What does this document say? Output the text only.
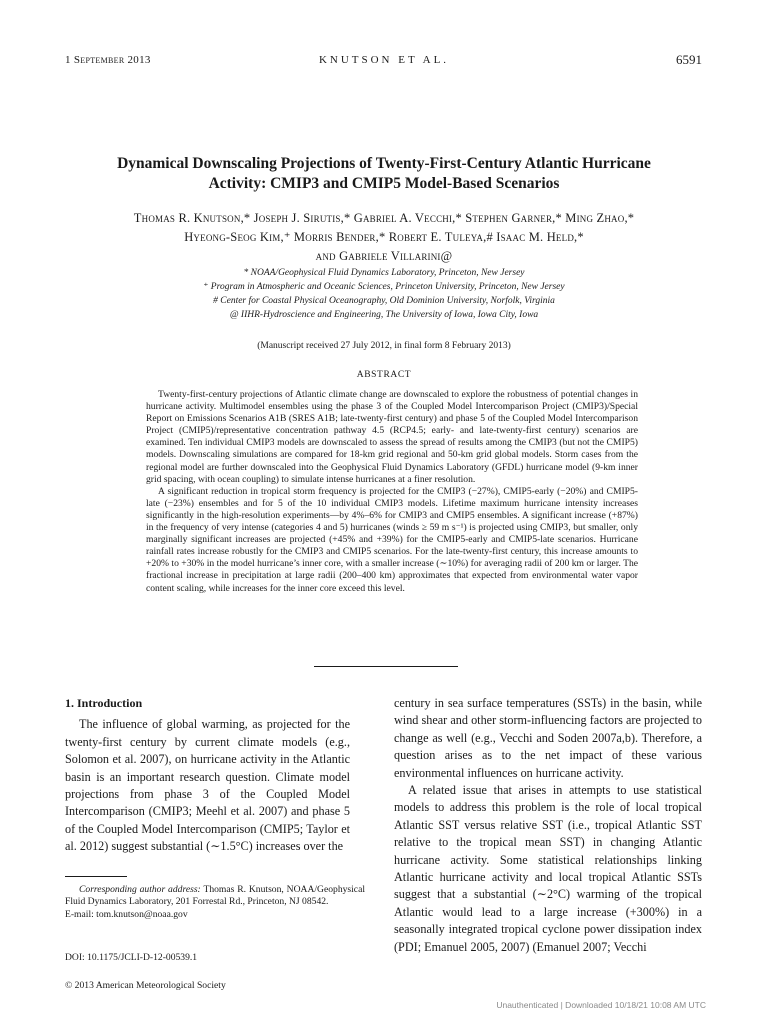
1 September 2013	KNUTSON ET AL.	6591
Dynamical Downscaling Projections of Twenty-First-Century Atlantic Hurricane
Activity: CMIP3 and CMIP5 Model-Based Scenarios
Thomas R. Knutson,* Joseph J. Sirutis,* Gabriel A. Vecchi,* Stephen Garner,* Ming Zhao,*
Hyeong-Seog Kim,⁺ Morris Bender,* Robert E. Tuleya,# Isaac M. Held,*
and Gabriele Villarini@
* NOAA/Geophysical Fluid Dynamics Laboratory, Princeton, New Jersey
⁺ Program in Atmospheric and Oceanic Sciences, Princeton University, Princeton, New Jersey
# Center for Coastal Physical Oceanography, Old Dominion University, Norfolk, Virginia
@ IIHR-Hydroscience and Engineering, The University of Iowa, Iowa City, Iowa
(Manuscript received 27 July 2012, in final form 8 February 2013)
ABSTRACT

Twenty-first-century projections of Atlantic climate change are downscaled to explore the robustness of potential changes in hurricane activity. Multimodel ensembles using the phase 3 of the Coupled Model Intercomparison Project (CMIP3)/Special Report on Emissions Scenarios A1B (SRES A1B; late-twenty-first century) and phase 5 of the Coupled Model Intercomparison Project (CMIP5)/representative concentration pathway 4.5 (RCP4.5; early- and late-twenty-first century) scenarios are examined. Ten individual CMIP3 models are downscaled to assess the spread of results among the CMIP3 (but not the CMIP5) models. Downscaling simulations are compared for 18-km grid regional and 50-km grid global models. Storm cases from the regional model are further downscaled into the Geophysical Fluid Dynamics Laboratory (GFDL) hurricane model (9-km inner grid spacing, with ocean coupling) to simulate intense hurricanes at a finer resolution.

A significant reduction in tropical storm frequency is projected for the CMIP3 (−27%), CMIP5-early (−20%) and CMIP5-late (−23%) ensembles and for 5 of the 10 individual CMIP3 models. Lifetime maximum hurricane intensity increases significantly in the high-resolution experiments—by 4%–6% for CMIP3 and CMIP5 ensembles. A significant increase (+87%) in the frequency of very intense (categories 4 and 5) hurricanes (winds ≥ 59 m s⁻¹) is projected using CMIP3, but smaller, only marginally significant increases are projected (+45% and +39%) for the CMIP5-early and CMIP5-late scenarios. Hurricane rainfall rates increase robustly for the CMIP3 and CMIP5 scenarios. For the late-twenty-first century, this increase amounts to +20% to +30% in the model hurricane’s inner core, with a smaller increase (∼10%) for averaging radii of 200 km or larger. The fractional increase in precipitation at large radii (200–400 km) approximates that expected from environmental water vapor content scaling, while increases for the inner core exceed this level.

1. Introduction

The influence of global warming, as projected for the twenty-first century by current climate models (e.g., Solomon et al. 2007), on hurricane activity in the Atlantic basin is an important research question. Climate model projections from phase 3 of the Coupled Model Intercomparison (CMIP3; Meehl et al. 2007) and phase 5 of the Coupled Model Intercomparison (CMIP5; Taylor et al. 2012) suggest substantial (∼1.5°C) increases over the

century in sea surface temperatures (SSTs) in the basin, while wind shear and other storm-influencing factors are projected to change as well (e.g., Vecchi and Soden 2007a,b). Therefore, a question arises as to the net impact of these various environmental influences on hurricane activity.

A related issue that arises in attempts to use statistical models to address this problem is the role of local tropical Atlantic SST versus relative SST (i.e., tropical Atlantic SST relative to the tropical mean SST) in changing Atlantic hurricane activity. Some statistical relationships linking Atlantic hurricane activity and local tropical Atlantic SSTs suggest that a substantial (∼2°C) warming of the tropical Atlantic would lead to a large increase (+300%) in a seasonally integrated tropical cyclone power dissipation index (PDI; Emanuel 2005, 2007) (Emanuel 2007; Vecchi

Corresponding author address: Thomas R. Knutson, NOAA/Geophysical Fluid Dynamics Laboratory, 201 Forrestal Rd., Princeton, NJ 08542.

E-mail: tom.knutson@noaa.gov

DOI: 10.1175/JCLI-D-12-00539.1
© 2013 American Meteorological Society
Unauthenticated | Downloaded 10/18/21 10:08 AM UTC
